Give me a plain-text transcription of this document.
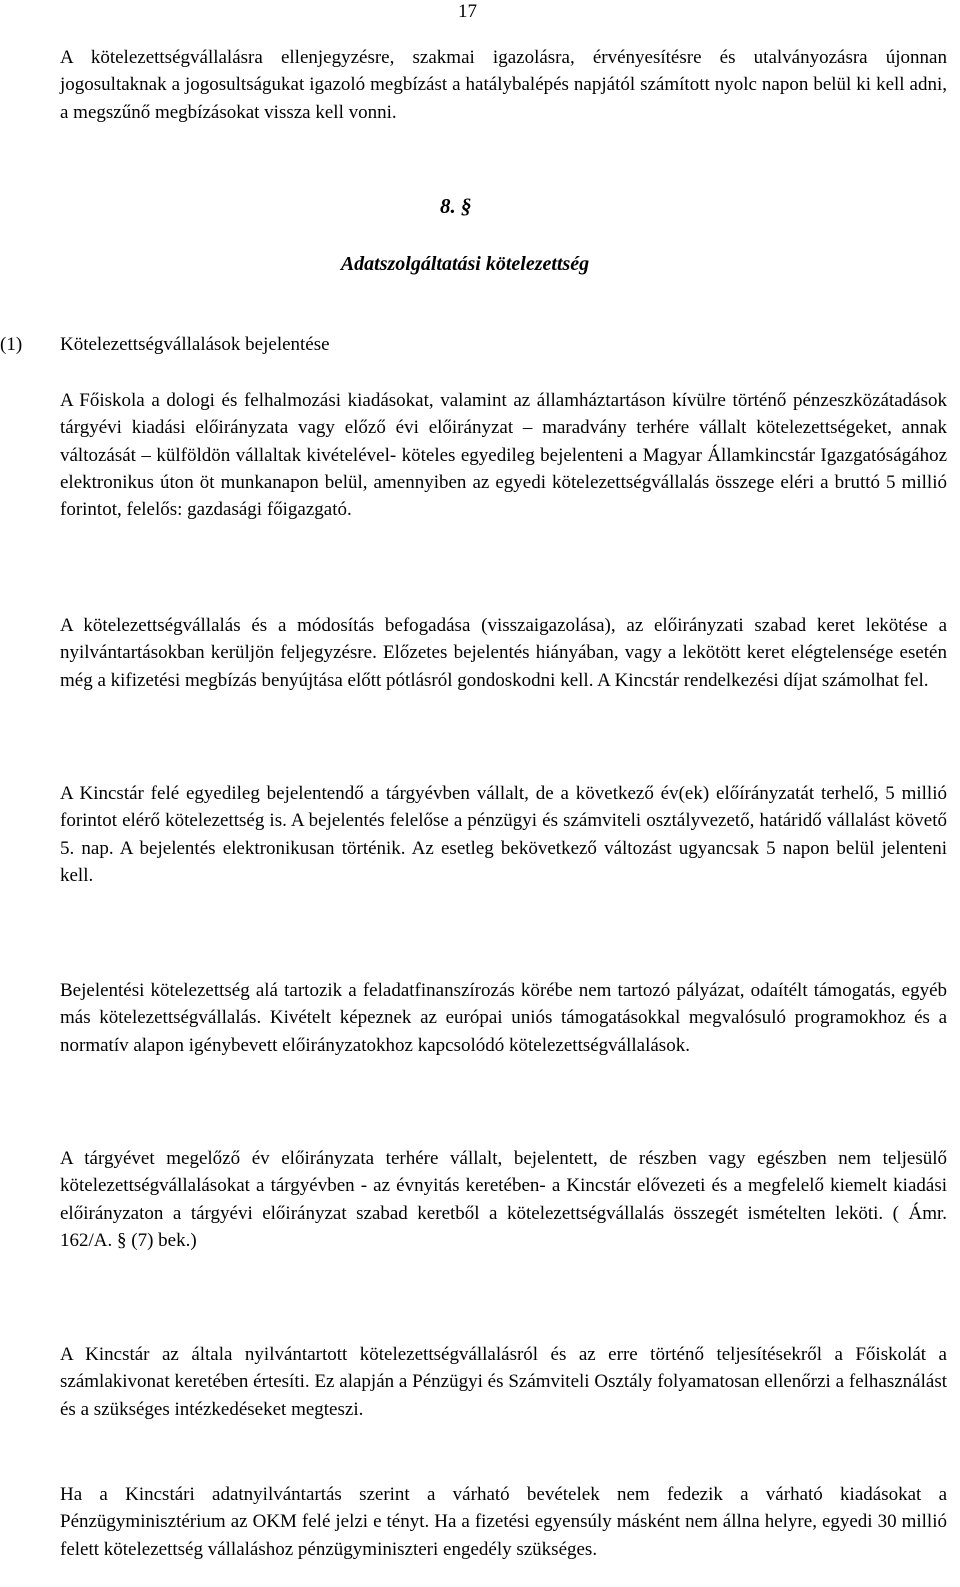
17

A kötelezettségvállalásra ellenjegyzésre, szakmai igazolásra, érvényesítésre és utalványozásra újonnan jogosultaknak a jogosultságukat igazoló megbízást a hatálybalépés napjától számított nyolc napon belül ki kell adni, a megszűnő megbízásokat vissza kell vonni.

8. §
Adatszolgáltatási kötelezettség
(1) Kötelezettségvállalások bejelentése

A Főiskola a dologi és felhalmozási kiadásokat, valamint az államháztartáson kívülre történő pénzeszközátadások tárgyévi kiadási előirányzata vagy előző évi előirányzat – maradvány terhére vállalt kötelezettségeket, annak változását – külföldön vállaltak kivételével- köteles egyedileg bejelenteni a Magyar Államkincstár Igazgatóságához elektronikus úton öt munkanapon belül, amennyiben az egyedi kötelezettségvállalás összege eléri a bruttó 5 millió forintot, felelős: gazdasági főigazgató.

A kötelezettségvállalás és a módosítás befogadása (visszaigazolása), az előirányzati szabad keret lekötése a nyilvántartásokban kerüljön feljegyzésre. Előzetes bejelentés hiányában, vagy a lekötött keret elégtelensége esetén még a kifizetési megbízás benyújtása előtt pótlásról gondoskodni kell. A Kincstár rendelkezési díjat számolhat fel.

A Kincstár felé egyedileg bejelentendő a tárgyévben vállalt, de a következő év(ek) előírányzatát terhelő, 5 millió forintot elérő kötelezettség is. A bejelentés felelőse a pénzügyi és számviteli osztályvezető, határidő vállalást követő 5. nap. A bejelentés elektronikusan történik. Az esetleg bekövetkező változást ugyancsak 5 napon belül jelenteni kell.

Bejelentési kötelezettség alá tartozik a feladatfinanszírozás körébe nem tartozó pályázat, odaítélt támogatás, egyéb más kötelezettségvállalás. Kivételt képeznek az európai uniós támogatásokkal megvalósuló programokhoz és a normatív alapon igénybevett előirányzatokhoz kapcsolódó kötelezettségvállalások.

A tárgyévet megelőző év előirányzata terhére vállalt, bejelentett, de részben vagy egészben nem teljesülő kötelezettségvállalásokat a tárgyévben - az évnyitás keretében- a Kincstár elővezeti és a megfelelő kiemelt kiadási előirányzaton a tárgyévi előirányzat szabad keretből a kötelezettségvállalás összegét ismételten leköti. ( Ámr. 162/A. § (7) bek.)

A Kincstár az általa nyilvántartott kötelezettségvállalásról és az erre történő teljesítésekről a Főiskolát a számlakivonat keretében értesíti. Ez alapján a Pénzügyi és Számviteli Osztály folyamatosan ellenőrzi a felhasználást és a szükséges intézkedéseket megteszi.

Ha a Kincstári adatnyilvántartás szerint a várható bevételek nem fedezik a várható kiadásokat a Pénzügyminisztérium az OKM felé jelzi e tényt. Ha a fizetési egyensúly másként nem állna helyre, egyedi 30 millió felett kötelezettség vállaláshoz pénzügyminiszteri engedély szükséges.
